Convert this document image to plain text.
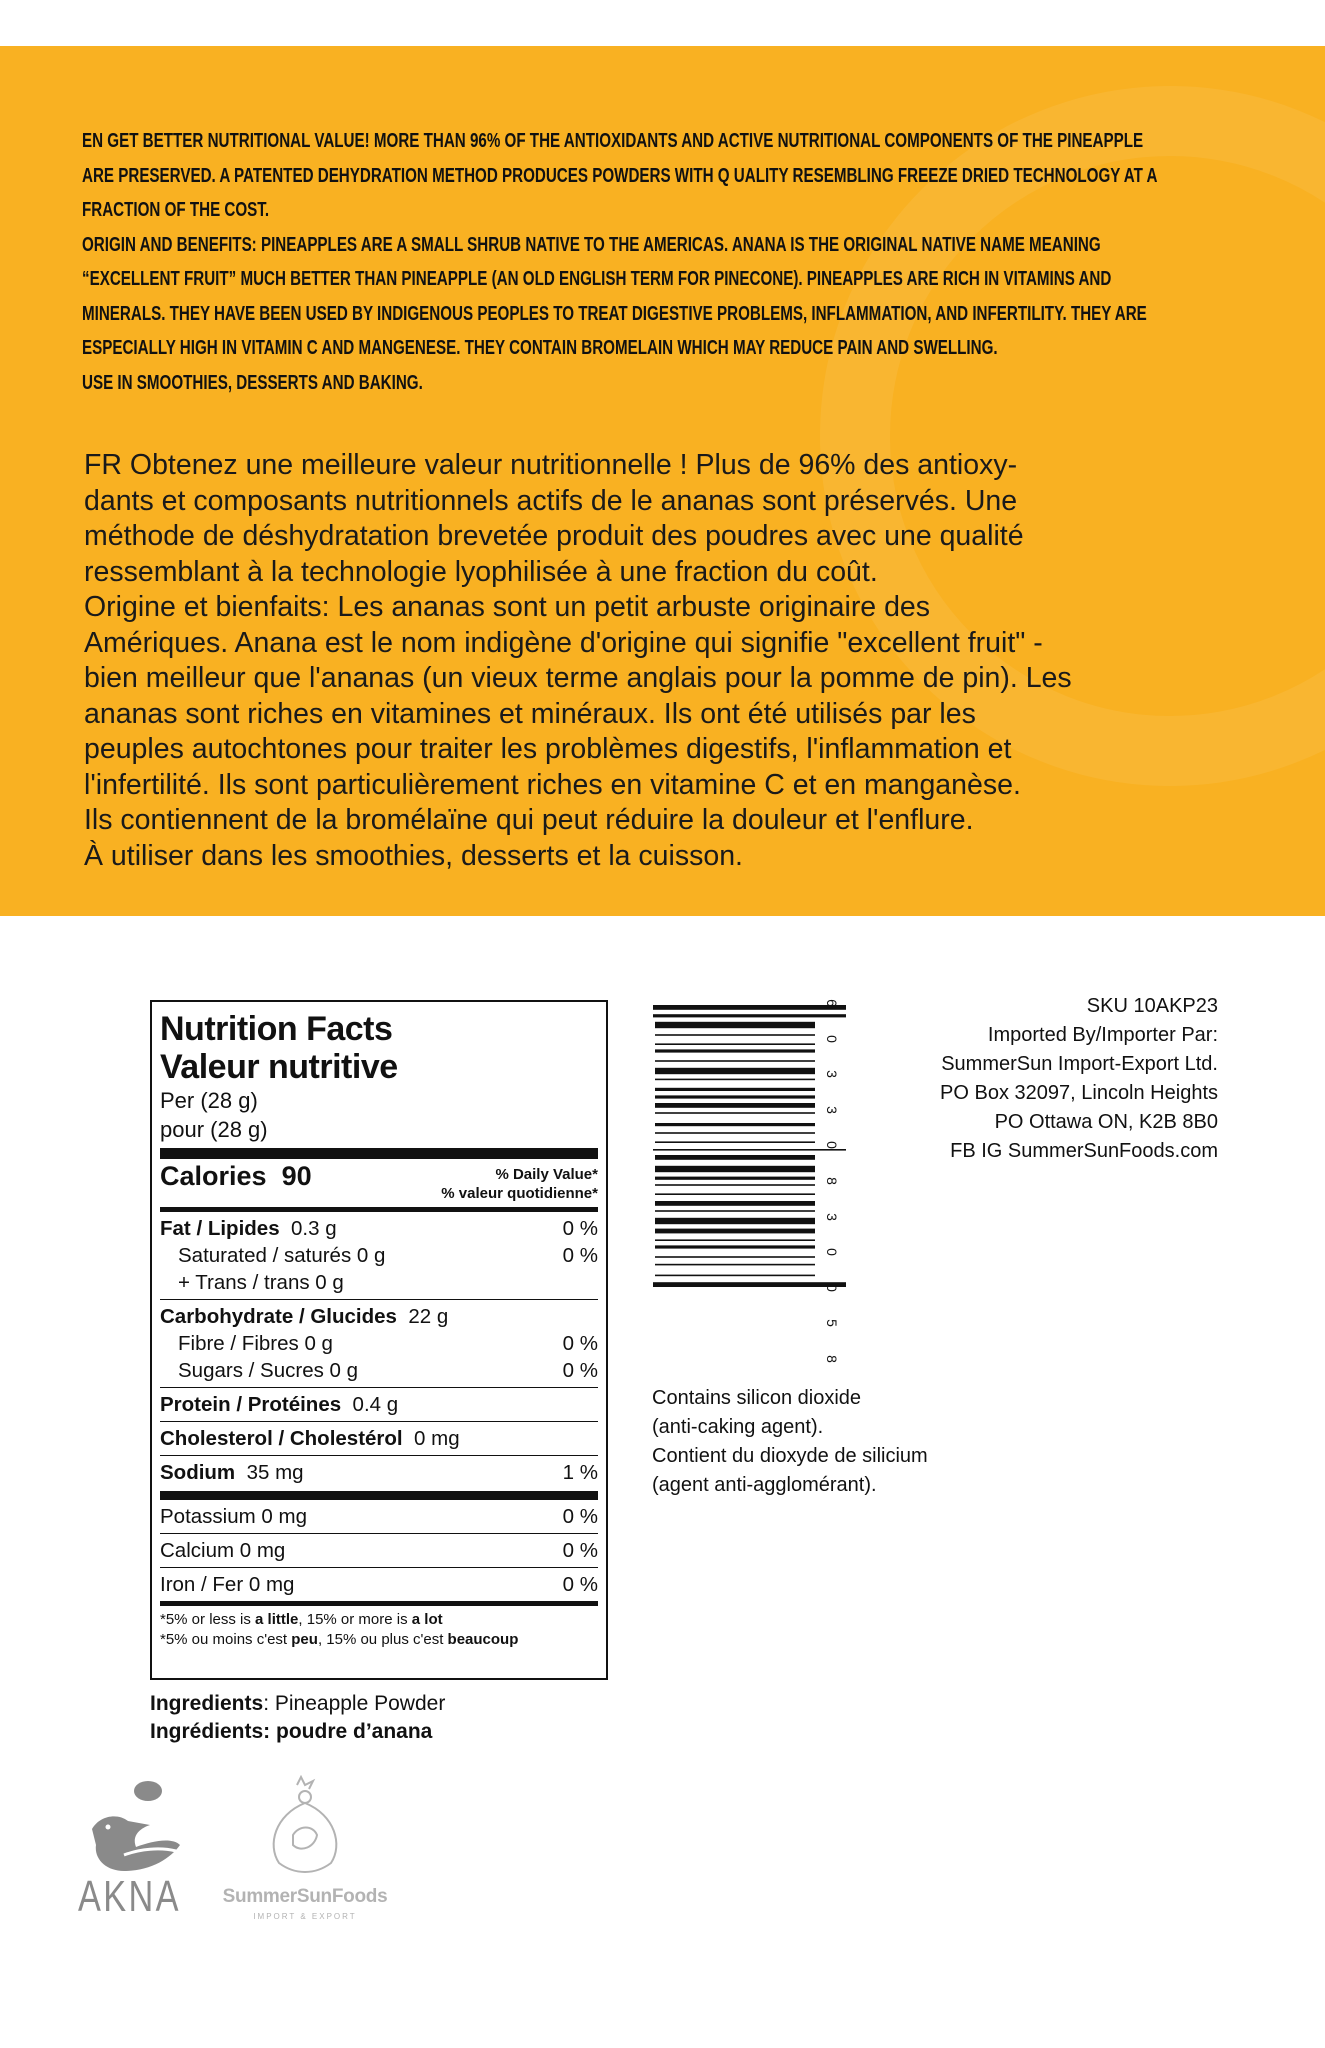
EN GET BETTER NUTRITIONAL VALUE! MORE THAN 96% OF THE ANTIOXIDANTS AND ACTIVE NUTRITIONAL COMPONENTS OF THE PINEAPPLE

ARE PRESERVED. A PATENTED DEHYDRATION METHOD PRODUCES POWDERS WITH Q UALITY RESEMBLING FREEZE DRIED TECHNOLOGY AT A

FRACTION OF THE COST.

ORIGIN AND BENEFITS: PINEAPPLES ARE A SMALL SHRUB NATIVE TO THE AMERICAS. ANANA IS THE ORIGINAL NATIVE NAME MEANING

“EXCELLENT FRUIT” MUCH BETTER THAN PINEAPPLE (AN OLD ENGLISH TERM FOR PINECONE). PINEAPPLES ARE RICH IN VITAMINS AND

MINERALS. THEY HAVE BEEN USED BY INDIGENOUS PEOPLES TO TREAT DIGESTIVE PROBLEMS, INFLAMMATION, AND INFERTILITY. THEY ARE

ESPECIALLY HIGH IN VITAMIN C AND MANGENESE. THEY CONTAIN BROMELAIN WHICH MAY REDUCE PAIN AND SWELLING.

USE IN SMOOTHIES, DESSERTS AND BAKING.

FR Obtenez une meilleure valeur nutritionnelle ! Plus de 96% des antioxy-

dants et composants nutritionnels actifs de le ananas sont préservés. Une

méthode de déshydratation brevetée produit des poudres avec une qualité

ressemblant à la technologie lyophilisée à une fraction du coût.

Origine et bienfaits: Les ananas sont un petit arbuste originaire des

Amériques. Anana est le nom indigène d'origine qui signifie "excellent fruit" -

bien meilleur que l'ananas (un vieux terme anglais pour la pomme de pin). Les

ananas sont riches en vitamines et minéraux. Ils ont été utilisés par les

peuples autochtones pour traiter les problèmes digestifs, l'inflammation et

l'infertilité. Ils sont particulièrement riches en vitamine C et en manganèse.

Ils contiennent de la bromélaïne qui peut réduire la douleur et l'enflure.

À utiliser dans les smoothies, desserts et la cuisson.

Nutrition Facts
Valeur nutritive
Per (28 g)
pour (28 g)
Calories 90	% Daily Value*
% valeur quotidienne*
Fat / Lipides 0.3 g	0 %
Saturated / saturés 0 g	0 %
+ Trans / trans 0 g
Carbohydrate / Glucides 22 g
Fibre / Fibres 0 g	0 %
Sugars / Sucres 0 g	0 %
Protein / Protéines 0.4 g
Cholesterol / Cholestérol 0 mg
Sodium 35 mg	1 %
Potassium 0 mg	0 %
Calcium 0 mg	0 %
Iron / Fer 0 mg	0 %
*5% or less is a little, 15% or more is a lot
*5% ou moins c'est peu, 15% ou plus c'est beaucoup
Ingredients: Pineapple Powder
Ingrédients: poudre d’anana
6
0
3
3
0
8
3
0
0
5
8

SKU 10AKP23

Imported By/Importer Par:

SummerSun Import-Export Ltd.

PO Box 32097, Lincoln Heights

PO Ottawa ON, K2B 8B0

FB IG SummerSunFoods.com

Contains silicon dioxide

(anti-caking agent).

Contient du dioxyde de silicium

(agent anti-agglomérant).

AKNA	SummerSunFoods
IMPORT & EXPORT
